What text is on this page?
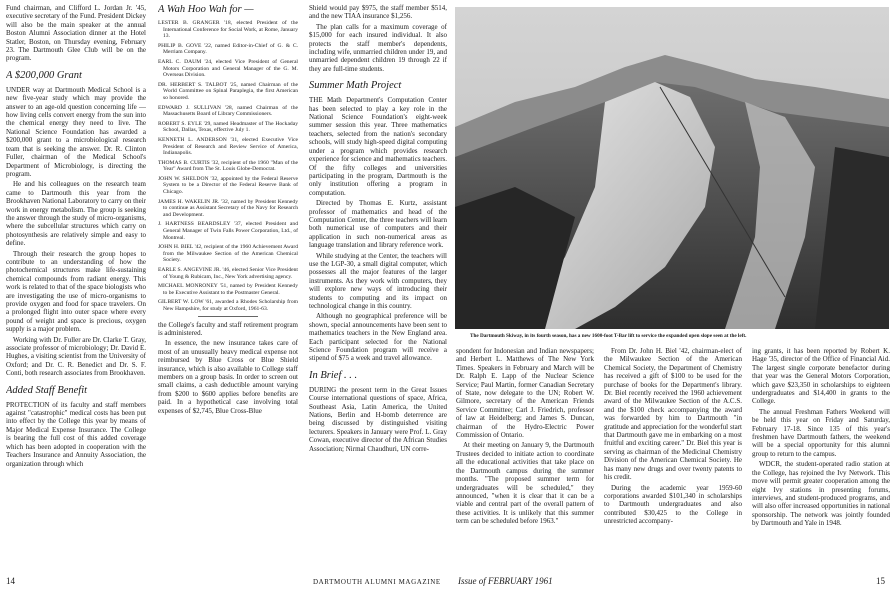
Fund chairman, and Clifford L. Jordan Jr. '45, executive secretary of the Fund. President Dickey will also be the main speaker at the annual Boston Alumni Association dinner at the Hotel Statler, Boston, on Thursday evening, February 23. The Dartmouth Glee Club will be on the program.

A $200,000 Grant

UNDER way at Dartmouth Medical School is a new five-year study which may provide the answer to an age-old question concerning life — how living cells convert energy from the sun into the chemical energy they need to live. The National Science Foundation has awarded a $200,000 grant to a microbiological research team that is seeking the answer. Dr. R. Clinton Fuller, chairman of the Medical School's Department of Microbiology, is directing the program.

He and his colleagues on the research team came to Dartmouth this year from the Brookhaven National Laboratory to carry on their work in energy metabolism. The group is seeking the answer through the study of micro-organisms, where the subcellular structures which carry on photosynthesis are relatively simple and easy to define.

Through their research the group hopes to contribute to an understanding of how the photochemical structures make life-sustaining chemical compounds from radiant energy. This work is related to that of the space biologists who are investigating the use of micro-organisms to provide oxygen and food for space travelers. On a prolonged flight into outer space where every pound of weight and space is precious, oxygen supply is a major problem.

Working with Dr. Fuller are Dr. Clarke T. Gray, associate professor of microbiology; Dr. David E. Hughes, a visiting scientist from the University of Oxford; and Dr. C. R. Benedict and Dr. S. F. Conti, both research associates from Brookhaven.

Added Staff Benefit

PROTECTION of its faculty and staff members against "catastrophic" medical costs has been put into effect by the College this year by means of Major Medical Expense Insurance. The College is bearing the full cost of this added coverage which has been adopted in cooperation with the Teachers Insurance and Annuity Association, the organization through which

A Wah Hoo Wah for —

LESTER B. GRANGER '18, elected President of the International Conference for Social Work, at Rome, January 13.

PHILIP B. GOVE '22, named Editor-in-Chief of G. & C. Merriam Company.

EARL C. DAUM '24, elected Vice President of General Motors Corporation and General Manager of the G. M. Overseas Division.

DR. HERBERT S. TALBOT '25, named Chairman of the World Committee on Spinal Paraplegia, the first American so honored.

EDWARD J. SULLIVAN '28, named Chairman of the Massachusetts Board of Library Commissioners.

ROBERT S. EYLE '29, named Headmaster of The Hockaday School, Dallas, Texas, effective July 1.

KENNETH L. ANDERSON '31, elected Executive Vice President of Research and Review Service of America, Indianapolis.

THOMAS B. CURTIS '32, recipient of the 1960 "Man of the Year" Award from The St. Louis Globe-Democrat.

JOHN W. SHELDON '32, appointed by the Federal Reserve System to be a Director of the Federal Reserve Bank of Chicago.

JAMES H. WAKELIN JR. '32, named by President Kennedy to continue as Assistant Secretary of the Navy for Research and Development.

J. HARTNESS BEARDSLEY '37, elected President and General Manager of Twin Falls Power Corporation, Ltd., of Montreal.

JOHN H. BIEL '42, recipient of the 1960 Achievement Award from the Milwaukee Section of the American Chemical Society.

EARLE S. ANGEVINE JR. '46, elected Senior Vice President of Young & Rubicam, Inc., New York advertising agency.

MICHAEL MONRONEY '51, named by President Kennedy to be Executive Assistant to the Postmaster General.

GILBERT W. LOW '61, awarded a Rhodes Scholarship from New Hampshire, for study at Oxford, 1961-63.

the College's faculty and staff retirement program is administered.

In essence, the new insurance takes care of most of an unusually heavy medical expense not reimbursed by Blue Cross or Blue Shield insurance, which is also available to College staff members on a group basis. In order to screen out small claims, a cash deductible amount varying from $200 to $600 applies before benefits are paid. In a hypothetical case involving total expenses of $2,745, Blue Cross-Blue

Shield would pay $975, the staff member $514, and the new TIAA insurance $1,256.

The plan calls for a maximum coverage of $15,000 for each insured individual. It also protects the staff member's dependents, including wife, unmarried children under 19, and unmarried dependent children 19 through 22 if they are full-time students.

Summer Math Project

THE Math Department's Computation Center has been selected to play a key role in the National Science Foundation's eight-week summer session this year. Three mathematics teachers, selected from the nation's secondary schools, will study high-speed digital computing under a program which provides research experience for science and mathematics teachers. Of the fifty colleges and universities participating in the program, Dartmouth is the only institution offering a program in computation.

Directed by Thomas E. Kurtz, assistant professor of mathematics and head of the Computation Center, the three teachers will learn both numerical use of computers and their application in such non-numerical areas as language translation and library reference work.

While studying at the Center, the teachers will use the LGP-30, a small digital computer, which possesses all the major features of the larger instruments. As they work with computers, they will explore new ways of introducing their students to computing and its impact on technological change in this country.

Although no geographical preference will be shown, special announcements have been sent to mathematics teachers in the New England area. Each participant selected for the National Science Foundation program will receive a stipend of $75 a week and travel allowance.

In Brief . . .

DURING the present term in the Great Issues Course international questions of space, Africa, Southeast Asia, Latin America, the United Nations, Berlin and H-bomb deterrence are being discussed by distinguished visiting lecturers. Speakers in January were Prof. L. Gray Cowan, executive director of the African Studies Association; Nirmal Chaudhuri, UN corre-

The Dartmouth Skiway, in its fourth season, has a new 1600-foot T-Bar lift to service the expanded open slope seen at the left.

spondent for Indonesian and Indian newspapers; and Herbert L. Matthews of The New York Times. Speakers in February and March will be Dr. Ralph E. Lapp of the Nuclear Science Service; Paul Martin, former Canadian Secretary of State, now delegate to the UN; Robert W. Gilmore, secretary of the American Friends Service Committee; Carl J. Friedrich, professor of law at Heidelberg; and James S. Duncan, chairman of the Hydro-Electric Power Commission of Ontario.

At their meeting on January 9, the Dartmouth Trustees decided to initiate action to coordinate all the educational activities that take place on the Dartmouth campus during the summer months. "The proposed summer term for undergraduates will be scheduled," they announced, "when it is clear that it can be a viable and central part of the overall pattern of these activities. It is unlikely that this summer term can be scheduled before 1963."

From Dr. John H. Biel '42, chairman-elect of the Milwaukee Section of the American Chemical Society, the Department of Chemistry has received a gift of $100 to be used for the purchase of books for the Department's library. Dr. Biel recently received the 1960 achievement award of the Milwaukee Section of the A.C.S. and the $100 check accompanying the award was forwarded by him to Dartmouth "in gratitude and appreciation for the wonderful start that Dartmouth gave me in embarking on a most fruitful and exciting career." Dr. Biel this year is serving as chairman of the Medicinal Chemistry Division of the American Chemical Society. He has many new drugs and over twenty patents to his credit.

During the academic year 1959-60 corporations awarded $101,340 in scholarships to Dartmouth undergraduates and also contributed $30,425 to the College in unrestricted accompany-

ing grants, it has been reported by Robert K. Hage '35, director of the Office of Financial Aid. The largest single corporate benefactor during that year was the General Motors Corporation, which gave $23,350 in scholarships to eighteen undergraduates and $14,400 in grants to the College.

The annual Freshman Fathers Weekend will be held this year on Friday and Saturday, February 17-18. Since 135 of this year's freshmen have Dartmouth fathers, the weekend will be a special opportunity for this alumni group to return to the campus.

WDCR, the student-operated radio station at the College, has rejoined the Ivy Network. This move will permit greater cooperation among the eight Ivy stations in presenting forums, interviews, and student-produced programs, and will also offer increased opportunities in national sponsorship. The network was jointly founded by Dartmouth and Yale in 1948.

14	DARTMOUTH ALUMNI MAGAZINE Issue of FEBRUARY 1961	15
